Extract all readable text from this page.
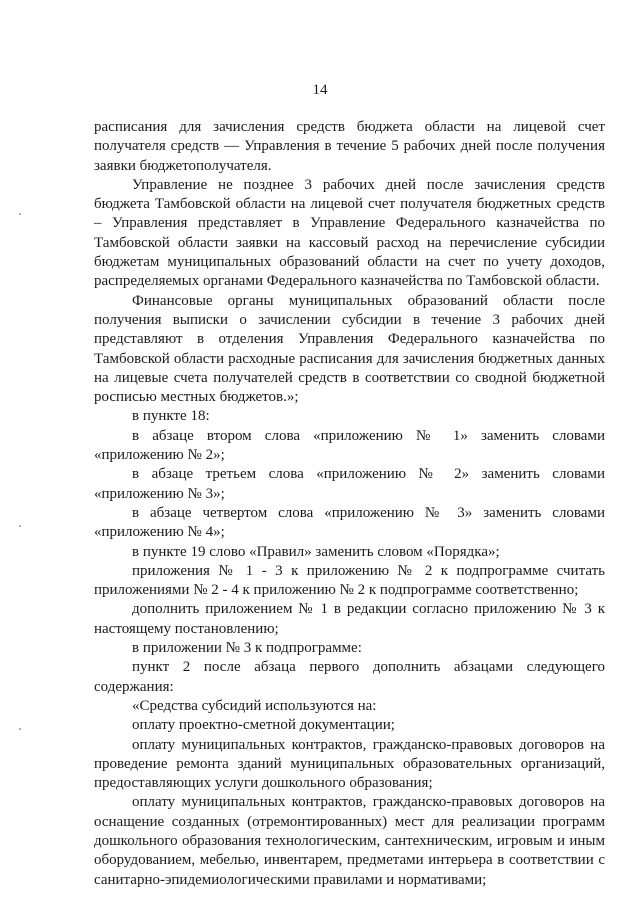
14

расписания для зачисления средств бюджета области на лицевой счет получателя средств — Управления в течение 5 рабочих дней после получения заявки бюджетополучателя.

Управление не позднее 3 рабочих дней после зачисления средств бюджета Тамбовской области на лицевой счет получателя бюджетных средств – Управления представляет в Управление Федерального казначейства по Тамбовской области заявки на кассовый расход на перечисление субсидии бюджетам муниципальных образований области на счет по учету доходов, распределяемых органами Федерального казначейства по Тамбовской области.

Финансовые органы муниципальных образований области после получения выписки о зачислении субсидии в течение 3 рабочих дней представляют в отделения Управления Федерального казначейства по Тамбовской области расходные расписания для зачисления бюджетных данных на лицевые счета получателей средств в соответствии со сводной бюджетной росписью местных бюджетов.»;

в пункте 18:

в абзаце втором слова «приложению № 1» заменить словами «приложению № 2»;

в абзаце третьем слова «приложению № 2» заменить словами «приложению № 3»;

в абзаце четвертом слова «приложению № 3» заменить словами «приложению № 4»;

в пункте 19 слово «Правил» заменить словом «Порядка»;

приложения № 1 - 3 к приложению № 2 к подпрограмме считать приложениями № 2 - 4 к приложению № 2 к подпрограмме соответственно;

дополнить приложением № 1 в редакции согласно приложению № 3 к настоящему постановлению;

в приложении № 3 к подпрограмме:

пункт 2 после абзаца первого дополнить абзацами следующего содержания:

«Средства субсидий используются на:

оплату проектно-сметной документации;

оплату муниципальных контрактов, гражданско-правовых договоров на проведение ремонта зданий муниципальных образовательных организаций, предоставляющих услуги дошкольного образования;

оплату муниципальных контрактов, гражданско-правовых договоров на оснащение созданных (отремонтированных) мест для реализации программ дошкольного образования технологическим, сантехническим, игровым и иным оборудованием, мебелью, инвентарем, предметами интерьера в соответствии с санитарно-эпидемиологическими правилами и нормативами;
